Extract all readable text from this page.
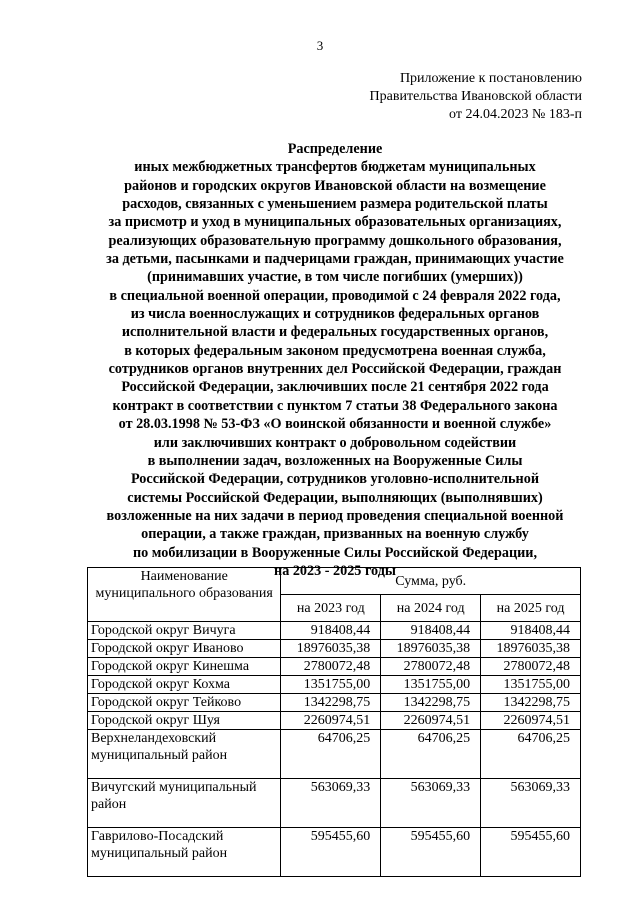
3
Приложение к постановлению
Правительства Ивановской области
от 24.04.2023 № 183-п
Распределение
иных межбюджетных трансфертов бюджетам муниципальных
районов и городских округов Ивановской области на возмещение
расходов, связанных с уменьшением размера родительской платы
за присмотр и уход в муниципальных образовательных организациях,
реализующих образовательную программу дошкольного образования,
за детьми, пасынками и падчерицами граждан, принимающих участие
(принимавших участие, в том числе погибших (умерших))
в специальной военной операции, проводимой с 24 февраля 2022 года,
из числа военнослужащих и сотрудников федеральных органов
исполнительной власти и федеральных государственных органов,
в которых федеральным законом предусмотрена военная служба,
сотрудников органов внутренних дел Российской Федерации, граждан
Российской Федерации, заключивших после 21 сентября 2022 года
контракт в соответствии с пунктом 7 статьи 38 Федерального закона
от 28.03.1998 № 53-ФЗ «О воинской обязанности и военной службе»
или заключивших контракт о добровольном содействии
в выполнении задач, возложенных на Вооруженные Силы
Российской Федерации, сотрудников уголовно-исполнительной
системы Российской Федерации, выполняющих (выполнявших)
возложенные на них задачи в период проведения специальной военной
операции, а также граждан, призванных на военную службу
по мобилизации в Вооруженные Силы Российской Федерации,
на 2023 - 2025 годы
Наименование муниципального образования	Сумма, руб.		
	на 2023 год	на 2024 год	на 2025 год
Городской округ Вичуга	918408,44	918408,44	918408,44
Городской округ Иваново	18976035,38	18976035,38	18976035,38
Городской округ Кинешма	2780072,48	2780072,48	2780072,48
Городской округ Кохма	1351755,00	1351755,00	1351755,00
Городской округ Тейково	1342298,75	1342298,75	1342298,75
Городской округ Шуя	2260974,51	2260974,51	2260974,51
Верхнеландеховский муниципальный район	64706,25	64706,25	64706,25
Вичугский муниципальный район	563069,33	563069,33	563069,33
Гаврилово-Посадский муниципальный район	595455,60	595455,60	595455,60
